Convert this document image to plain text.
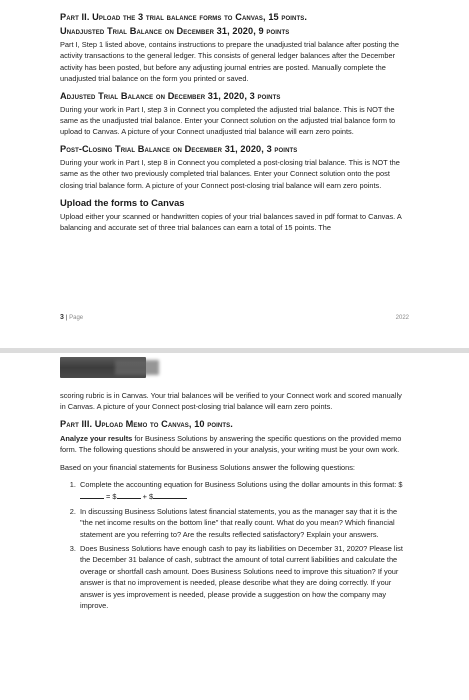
Part II. Upload the 3 trial balance forms to Canvas, 15 points.
Unadjusted Trial Balance on December 31, 2020, 9 points

Part I, Step 1 listed above, contains instructions to prepare the unadjusted trial balance after posting the activity transactions to the general ledger. This consists of general ledger balances after the December activity has been posted, but before any adjusting journal entries are posted. Manually complete the unadjusted trial balance on the form you printed or saved.

Adjusted Trial Balance on December 31, 2020, 3 points

During your work in Part I, step 3 in Connect you completed the adjusted trial balance. This is NOT the same as the unadjusted trial balance. Enter your Connect solution on the adjusted trial balance form to upload to Canvas. A picture of your Connect unadjusted trial balance will earn zero points.

Post-Closing Trial Balance on December 31, 2020, 3 points

During your work in Part I, step 8 in Connect you completed a post-closing trial balance. This is NOT the same as the other two previously completed trial balances. Enter your Connect solution onto the post closing trial balance form. A picture of your Connect post-closing trial balance will earn zero points.

Upload the forms to Canvas

Upload either your scanned or handwritten copies of your trial balances saved in pdf format to Canvas. A balancing and accurate set of three trial balances can earn a total of 15 points. The

3 | Page	2022

scoring rubric is in Canvas. Your trial balances will be verified to your Connect work and scored manually in Canvas. A picture of your Connect post-closing trial balance will earn zero points.

Part III. Upload Memo to Canvas, 10 points.

Analyze your results for Business Solutions by answering the specific questions on the provided memo form. The following questions should be answered in your analysis, your writing must be your own work.

Based on your financial statements for Business Solutions answer the following questions:

1. Complete the accounting equation for Business Solutions using the dollar amounts in this format: $ = $	+ $
2. In discussing Business Solutions latest financial statements, you as the manager say that it is the "the net income results on the bottom line" that really count. What do you mean? Which financial statement are you referring to? Are the results reflected satisfactory? Explain your answers.
3. Does Business Solutions have enough cash to pay its liabilities on December 31, 2020? Please list the December 31 balance of cash, subtract the amount of total current liabilities and calculate the overage or shortfall cash amount. Does Business Solutions need to improve this situation? If your answer is that no improvement is needed, please describe what they are doing correctly. If your answer is yes improvement is needed, please provide a suggestion on how the company may improve.
